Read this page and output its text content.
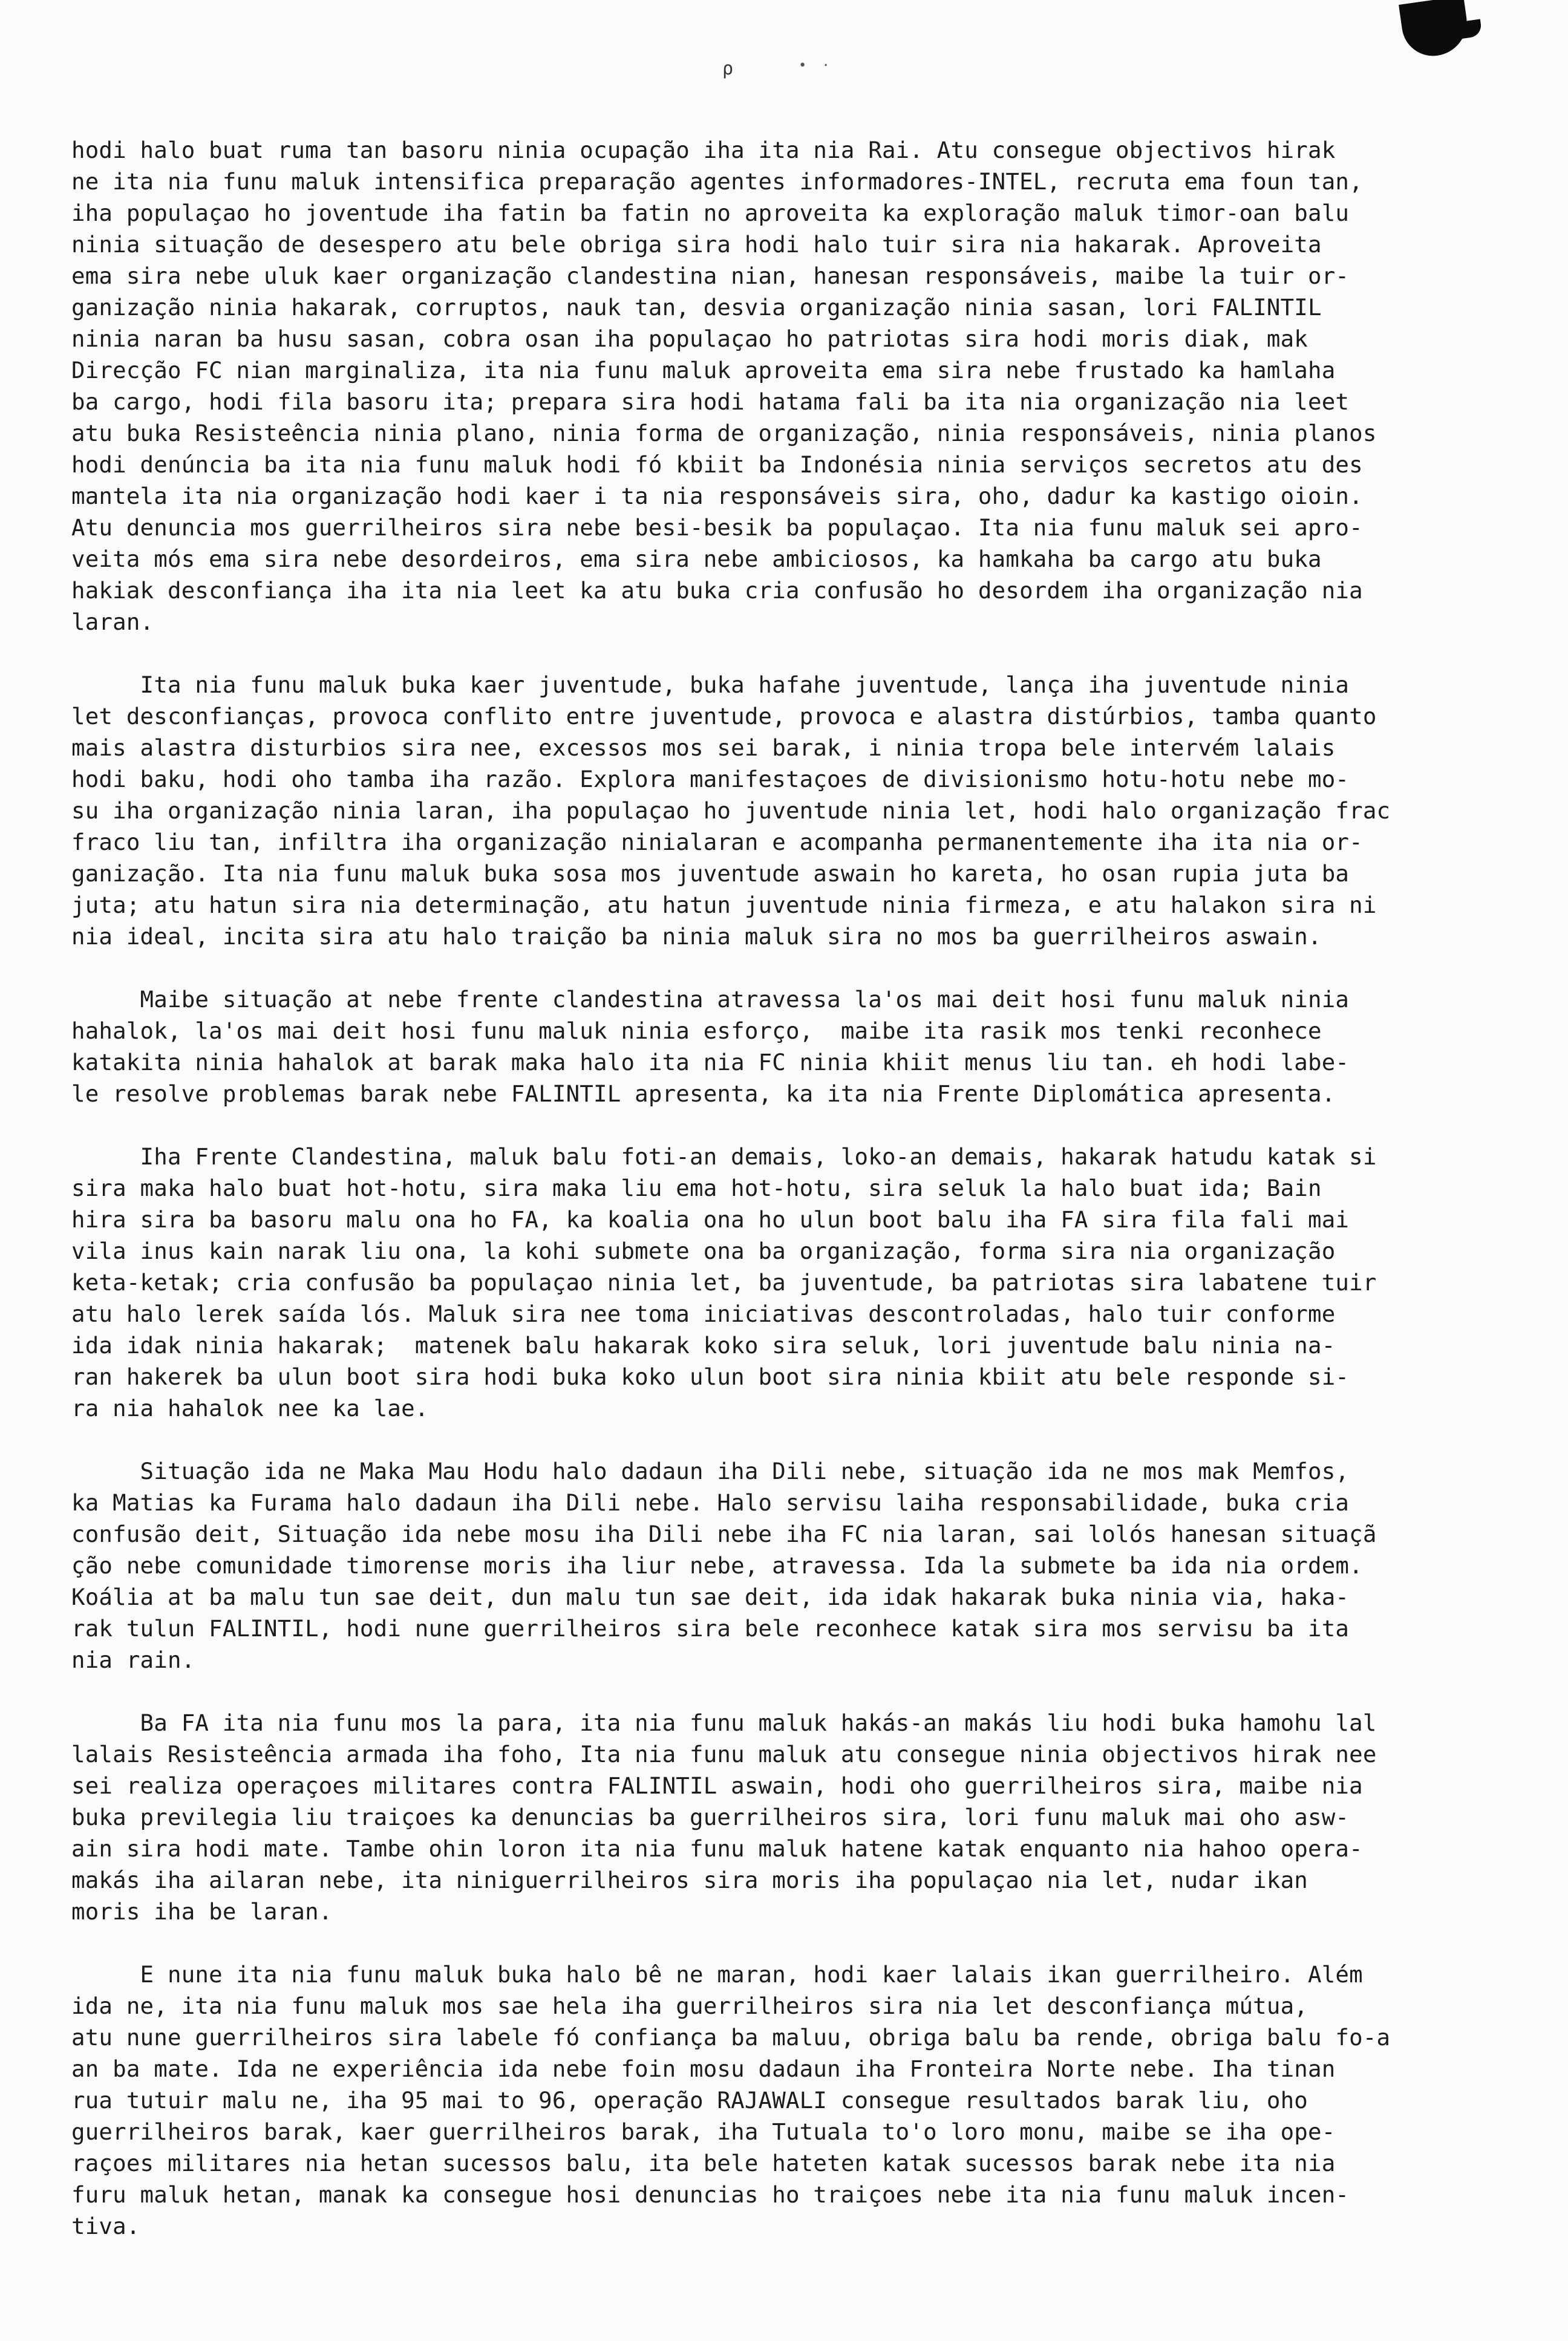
ρ	• ·
hodi halo buat ruma tan basoru ninia ocupação iha ita nia Rai. Atu consegue objectivos hirak
ne ita nia funu maluk intensifica preparação agentes informadores-INTEL, recruta ema foun tan,
iha populaçao ho joventude iha fatin ba fatin no aproveita ka exploração maluk timor-oan balu
ninia situação de desespero atu bele obriga sira hodi halo tuir sira nia hakarak. Aproveita
ema sira nebe uluk kaer organização clandestina nian, hanesan responsáveis, maibe la tuir or-
ganização ninia hakarak, corruptos, nauk tan, desvia organização ninia sasan, lori FALINTIL
ninia naran ba husu sasan, cobra osan iha populaçao ho patriotas sira hodi moris diak, mak
Direcção FC nian marginaliza, ita nia funu maluk aproveita ema sira nebe frustado ka hamlaha
ba cargo, hodi fila basoru ita; prepara sira hodi hatama fali ba ita nia organização nia leet
atu buka Resisteência ninia plano, ninia forma de organização, ninia responsáveis, ninia planos
hodi denúncia ba ita nia funu maluk hodi fó kbiit ba Indonésia ninia serviços secretos atu des
mantela ita nia organização hodi kaer i ta nia responsáveis sira, oho, dadur ka kastigo oioin.
Atu denuncia mos guerrilheiros sira nebe besi-besik ba populaçao. Ita nia funu maluk sei apro-
veita mós ema sira nebe desordeiros, ema sira nebe ambiciosos, ka hamkaha ba cargo atu buka
hakiak desconfiança iha ita nia leet ka atu buka cria confusão ho desordem iha organização nia
laran.
Ita nia funu maluk buka kaer juventude, buka hafahe juventude, lança iha juventude ninia
let desconfianças, provoca conflito entre juventude, provoca e alastra distúrbios, tamba quanto
mais alastra disturbios sira nee, excessos mos sei barak, i ninia tropa bele intervém lalais
hodi baku, hodi oho tamba iha razão. Explora manifestaçoes de divisionismo hotu-hotu nebe mo-
su iha organização ninia laran, iha populaçao ho juventude ninia let, hodi halo organização frac
fraco liu tan, infiltra iha organização ninialaran e acompanha permanentemente iha ita nia or-
ganização. Ita nia funu maluk buka sosa mos juventude aswain ho kareta, ho osan rupia juta ba
juta; atu hatun sira nia determinação, atu hatun juventude ninia firmeza, e atu halakon sira ni
nia ideal, incita sira atu halo traição ba ninia maluk sira no mos ba guerrilheiros aswain.
Maibe situação at nebe frente clandestina atravessa la'os mai deit hosi funu maluk ninia
hahalok, la'os mai deit hosi funu maluk ninia esforço,  maibe ita rasik mos tenki reconhece
katakita ninia hahalok at barak maka halo ita nia FC ninia khiit menus liu tan. eh hodi labe-
le resolve problemas barak nebe FALINTIL apresenta, ka ita nia Frente Diplomática apresenta.
Iha Frente Clandestina, maluk balu foti-an demais, loko-an demais, hakarak hatudu katak si
sira maka halo buat hot-hotu, sira maka liu ema hot-hotu, sira seluk la halo buat ida; Bain
hira sira ba basoru malu ona ho FA, ka koalia ona ho ulun boot balu iha FA sira fila fali mai
vila inus kain narak liu ona, la kohi submete ona ba organização, forma sira nia organização
keta-ketak; cria confusão ba populaçao ninia let, ba juventude, ba patriotas sira labatene tuir
atu halo lerek saída lós. Maluk sira nee toma iniciativas descontroladas, halo tuir conforme
ida idak ninia hakarak;  matenek balu hakarak koko sira seluk, lori juventude balu ninia na-
ran hakerek ba ulun boot sira hodi buka koko ulun boot sira ninia kbiit atu bele responde si-
ra nia hahalok nee ka lae.
Situação ida ne Maka Mau Hodu halo dadaun iha Dili nebe, situação ida ne mos mak Memfos,
ka Matias ka Furama halo dadaun iha Dili nebe. Halo servisu laiha responsabilidade, buka cria
confusão deit, Situação ida nebe mosu iha Dili nebe iha FC nia laran, sai lolós hanesan situaçã
ção nebe comunidade timorense moris iha liur nebe, atravessa. Ida la submete ba ida nia ordem.
Koália at ba malu tun sae deit, dun malu tun sae deit, ida idak hakarak buka ninia via, haka-
rak tulun FALINTIL, hodi nune guerrilheiros sira bele reconhece katak sira mos servisu ba ita
nia rain.
Ba FA ita nia funu mos la para, ita nia funu maluk hakás-an makás liu hodi buka hamohu lal
lalais Resisteência armada iha foho, Ita nia funu maluk atu consegue ninia objectivos hirak nee
sei realiza operaçoes militares contra FALINTIL aswain, hodi oho guerrilheiros sira, maibe nia
buka previlegia liu traiçoes ka denuncias ba guerrilheiros sira, lori funu maluk mai oho asw-
ain sira hodi mate. Tambe ohin loron ita nia funu maluk hatene katak enquanto nia hahoo opera-
makás iha ailaran nebe, ita niniguerrilheiros sira moris iha populaçao nia let, nudar ikan
moris iha be laran.
E nune ita nia funu maluk buka halo bê ne maran, hodi kaer lalais ikan guerrilheiro. Além
ida ne, ita nia funu maluk mos sae hela iha guerrilheiros sira nia let desconfiança mútua,
atu nune guerrilheiros sira labele fó confiança ba maluu, obriga balu ba rende, obriga balu fo-a
an ba mate. Ida ne experiência ida nebe foin mosu dadaun iha Fronteira Norte nebe. Iha tinan
rua tutuir malu ne, iha 95 mai to 96, operação RAJAWALI consegue resultados barak liu, oho
guerrilheiros barak, kaer guerrilheiros barak, iha Tutuala to'o loro monu, maibe se iha ope-
raçoes militares nia hetan sucessos balu, ita bele hateten katak sucessos barak nebe ita nia
furu maluk hetan, manak ka consegue hosi denuncias ho traiçoes nebe ita nia funu maluk incen-
tiva.
